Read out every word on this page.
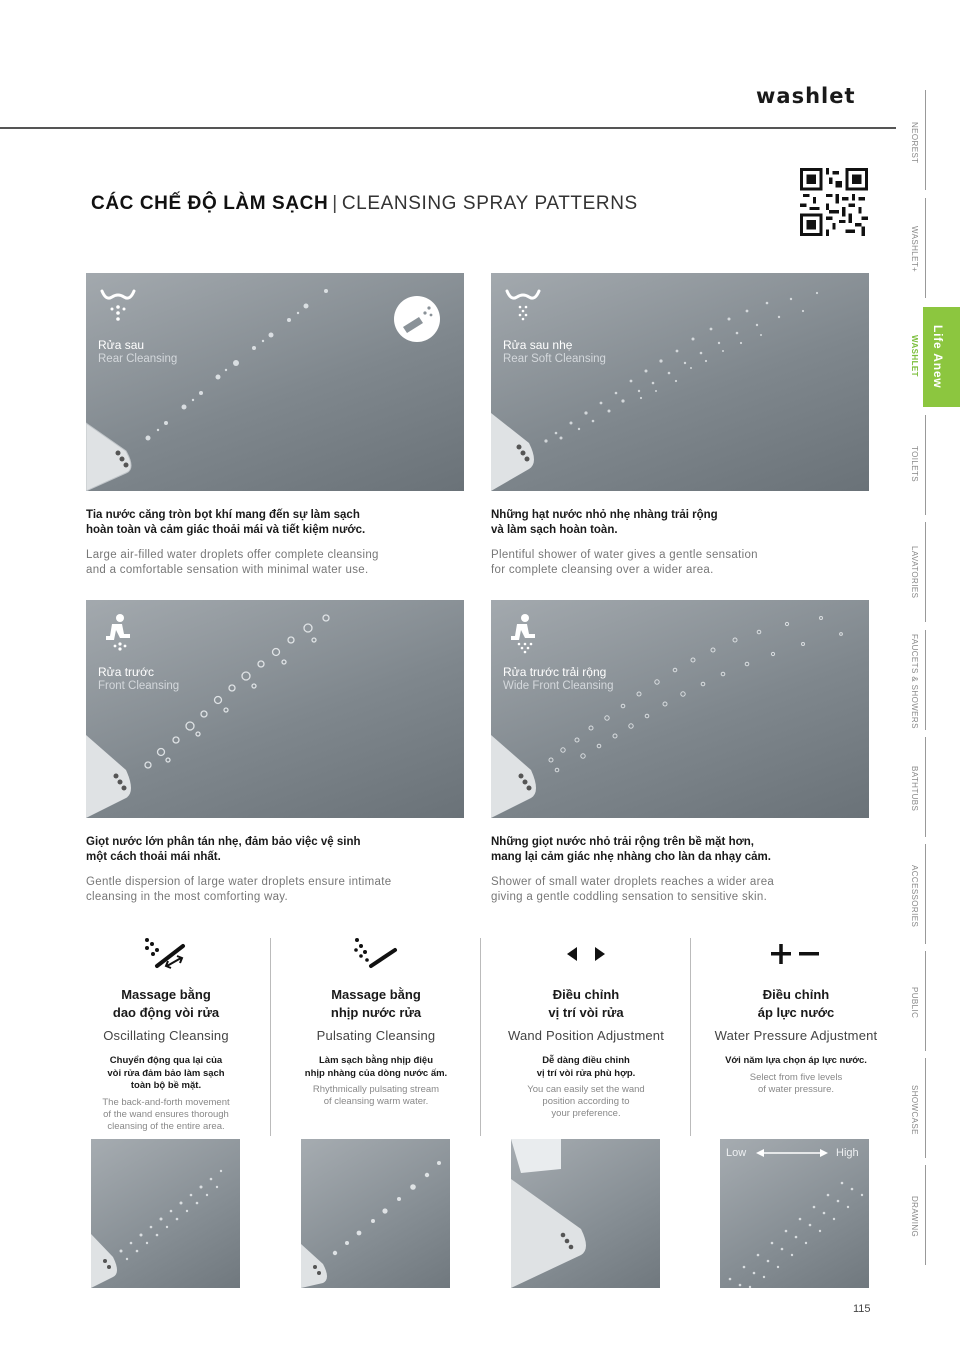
washlet
CÁC CHẾ ĐỘ LÀM SẠCH | CLEANSING SPRAY PATTERNS
Rửa sau
Rear Cleansing
Tia nước căng tròn bọt khí mang đến sự làm sạch
hoàn toàn và cảm giác thoải mái và tiết kiệm nước.
Large air-filled water droplets offer complete cleansing
and a comfortable sensation with minimal water use.
Rửa sau nhẹ
Rear Soft Cleansing
Những hạt nước nhỏ nhẹ nhàng trải rộng
và làm sạch hoàn toàn.
Plentiful shower of water gives a gentle sensation
for complete cleansing over a wider area.
Rửa trước
Front Cleansing
Giọt nước lớn phân tán nhẹ, đảm bảo việc vệ sinh
một cách thoải mái nhất.
Gentle dispersion of large water droplets ensure intimate
cleansing in the most comforting way.
Rửa trước trải rộng
Wide Front Cleansing
Những giọt nước nhỏ trải rộng trên bề mặt hơn,
mang lại cảm giác nhẹ nhàng cho làn da nhạy cảm.
Shower of small water droplets reaches a wider area
giving a gentle coddling sensation to sensitive skin.
Massage bằng
dao động vòi rửa
Oscillating Cleansing
Chuyển động qua lại của
vòi rửa đảm bảo làm sạch
toàn bộ bề mặt.
The back-and-forth movement
of the wand ensures thorough
cleansing of the entire area.
Massage bằng
nhịp nước rửa
Pulsating Cleansing
Làm sạch bằng nhịp điệu
nhịp nhàng của dòng nước ấm.
Rhythmically pulsating stream
of cleansing warm water.
Điều chỉnh
vị trí vòi rửa
Wand Position Adjustment
Dễ dàng điều chỉnh
vị trí vòi rửa phù hợp.
You can easily set the wand
position according to
your preference.
Điều chỉnh
áp lực nước
Water Pressure Adjustment
Với năm lựa chọn áp lực nước.
Select from five levels
of water pressure.
Low	High
115
NEOREST
WASHLET+
WASHLET
TOILETS
LAVATORIES
FAUCETS & SHOWERS
BATHTUBS
ACCESSORIES
PUBLIC
SHOWCASE
DRAWING
Life Anew
